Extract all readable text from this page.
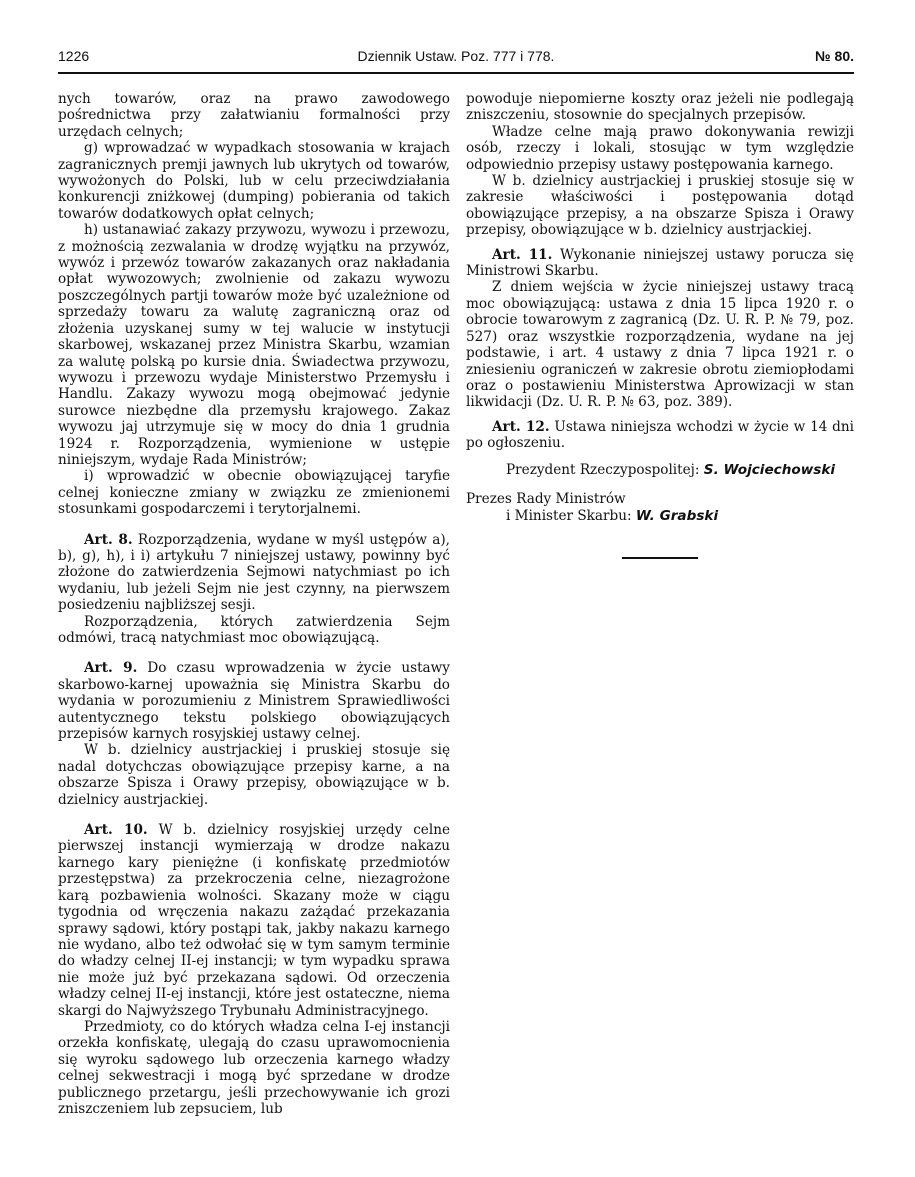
1226	Dziennik Ustaw. Poz. 777 i 778.	№ 80.

nych towarów, oraz na prawo zawodowego pośrednictwa przy załatwianiu formalności przy urzędach celnych;

g) wprowadzać w wypadkach stosowania w krajach zagranicznych premji jawnych lub ukrytych od towarów, wywożonych do Polski, lub w celu przeciwdziałania konkurencji zniżkowej (dumping) pobierania od takich towarów dodatkowych opłat celnych;

h) ustanawiać zakazy przywozu, wywozu i przewozu, z możnością zezwalania w drodzę wyjątku na przywóz, wywóz i przewóz towarów zakazanych oraz nakładania opłat wywozowych; zwolnienie od zakazu wywozu poszczególnych partji towarów może być uzależnione od sprzedaży towaru za walutę zagraniczną oraz od złożenia uzyskanej sumy w tej walucie w instytucji skarbowej, wskazanej przez Ministra Skarbu, wzamian za walutę polską po kursie dnia. Świadectwa przywozu, wywozu i przewozu wydaje Ministerstwo Przemysłu i Handlu. Zakazy wywozu mogą obejmować jedynie surowce niezbędne dla przemysłu krajowego. Zakaz wywozu jaj utrzymuje się w mocy do dnia 1 grudnia 1924 r. Rozporządzenia, wymienione w ustępie niniejszym, wydaje Rada Ministrów;

i) wprowadzić w obecnie obowiązującej taryfie celnej konieczne zmiany w związku ze zmienionemi stosunkami gospodarczemi i terytorjalnemi.

Art. 8. Rozporządzenia, wydane w myśl ustępów a), b), g), h), i i) artykułu 7 niniejszej ustawy, powinny być złożone do zatwierdzenia Sejmowi natychmiast po ich wydaniu, lub jeżeli Sejm nie jest czynny, na pierwszem posiedzeniu najbliższej sesji.

Rozporządzenia, których zatwierdzenia Sejm odmówi, tracą natychmiast moc obowiązującą.

Art. 9. Do czasu wprowadzenia w życie ustawy skarbowo-karnej upoważnia się Ministra Skarbu do wydania w porozumieniu z Ministrem Sprawiedliwości autentycznego tekstu polskiego obowiązujących przepisów karnych rosyjskiej ustawy celnej.

W b. dzielnicy austrjackiej i pruskiej stosuje się nadal dotychczas obowiązujące przepisy karne, a na obszarze Spisza i Orawy przepisy, obowiązujące w b. dzielnicy austrjackiej.

Art. 10. W b. dzielnicy rosyjskiej urzędy celne pierwszej instancji wymierzają w drodze nakazu karnego kary pieniężne (i konfiskatę przedmiotów przestępstwa) za przekroczenia celne, niezagrożone karą pozbawienia wolności. Skazany może w ciągu tygodnia od wręczenia nakazu zażądać przekazania sprawy sądowi, który postąpi tak, jakby nakazu karnego nie wydano, albo też odwołać się w tym samym terminie do władzy celnej II-ej instancji; w tym wypadku sprawa nie może już być przekazana sądowi. Od orzeczenia władzy celnej II-ej instancji, które jest ostateczne, niema skargi do Najwyższego Trybunału Administracyjnego.

Przedmioty, co do których władza celna I-ej instancji orzekła konfiskatę, ulegają do czasu uprawomocnienia się wyroku sądowego lub orzeczenia karnego władzy celnej sekwestracji i mogą być sprzedane w drodze publicznego przetargu, jeśli przechowywanie ich grozi zniszczeniem lub zepsuciem, lub

powoduje niepomierne koszty oraz jeżeli nie podlegają zniszczeniu, stosownie do specjalnych przepisów.

Władze celne mają prawo dokonywania rewizji osób, rzeczy i lokali, stosując w tym względzie odpowiednio przepisy ustawy postępowania karnego.

W b. dzielnicy austrjackiej i pruskiej stosuje się w zakresie właściwości i postępowania dotąd obowiązujące przepisy, a na obszarze Spisza i Orawy przepisy, obowiązujące w b. dzielnicy austrjackiej.

Art. 11. Wykonanie niniejszej ustawy porucza się Ministrowi Skarbu.

Z dniem wejścia w życie niniejszej ustawy tracą moc obowiązującą: ustawa z dnia 15 lipca 1920 r. o obrocie towarowym z zagranicą (Dz. U. R. P. № 79, poz. 527) oraz wszystkie rozporządzenia, wydane na jej podstawie, i art. 4 ustawy z dnia 7 lipca 1921 r. o zniesieniu ograniczeń w zakresie obrotu ziemiopłodami oraz o postawieniu Ministerstwa Aprowizacji w stan likwidacji (Dz. U. R. P. № 63, poz. 389).

Art. 12. Ustawa niniejsza wchodzi w życie w 14 dni po ogłoszeniu.

Prezydent Rzeczypospolitej: S. Wojciechowski

Prezes Rady Ministrów

i Minister Skarbu: W. Grabski
